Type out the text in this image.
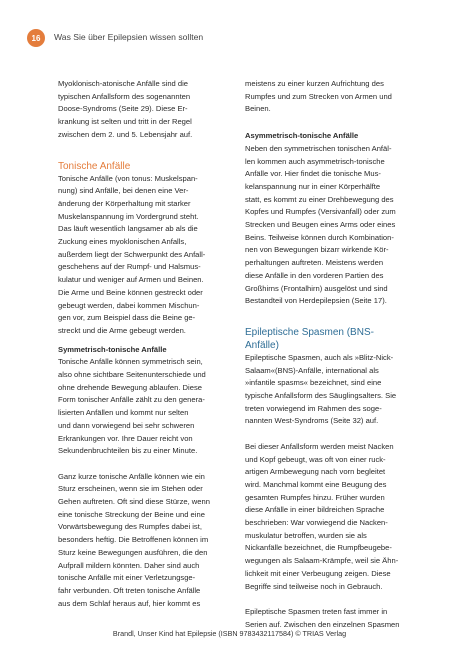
16	Was Sie über Epilepsien wissen sollten

Myoklonisch-atonische Anfälle sind die
typischen Anfallsform des sogenannten
Doose-Syndroms (Seite 29). Diese Er-
krankung ist selten und tritt in der Regel
zwischen dem 2. und 5. Lebensjahr auf.

Tonische Anfälle

Tonische Anfälle (von tonus: Muskelspan-
nung) sind Anfälle, bei denen eine Ver-
änderung der Körperhaltung mit starker
Muskelanspannung im Vordergrund steht.
Das läuft wesentlich langsamer ab als die
Zuckung eines myoklonischen Anfalls,
außerdem liegt der Schwerpunkt des Anfall-
geschehens auf der Rumpf- und Halsmus-
kulatur und weniger auf Armen und Beinen.
Die Arme und Beine können gestreckt oder
gebeugt werden, dabei kommen Mischun-
gen vor, zum Beispiel dass die Beine ge-
streckt und die Arme gebeugt werden.

Symmetrisch-tonische Anfälle

Tonische Anfälle können symmetrisch sein,
also ohne sichtbare Seitenunterschiede und
ohne drehende Bewegung ablaufen. Diese
Form tonischer Anfälle zählt zu den genera-
lisierten Anfällen und kommt nur selten
und dann vorwiegend bei sehr schweren
Erkrankungen vor. Ihre Dauer reicht von
Sekundenbruchteilen bis zu einer Minute.

Ganz kurze tonische Anfälle können wie ein
Sturz erscheinen, wenn sie im Stehen oder
Gehen auftreten. Oft sind diese Stürze, wenn
eine tonische Streckung der Beine und eine
Vorwärtsbewegung des Rumpfes dabei ist,
besonders heftig. Die Betroffenen können im
Sturz keine Bewegungen ausführen, die den
Aufprall mildern könnten. Daher sind auch
tonische Anfälle mit einer Verletzungsge-
fahr verbunden. Oft treten tonische Anfälle
aus dem Schlaf heraus auf, hier kommt es

meistens zu einer kurzen Aufrichtung des
Rumpfes und zum Strecken von Armen und
Beinen.

Asymmetrisch-tonische Anfälle

Neben den symmetrischen tonischen Anfäl-
len kommen auch asymmetrisch-tonische
Anfälle vor. Hier findet die tonische Mus-
kelanspannung nur in einer Körperhälfte
statt, es kommt zu einer Drehbewegung des
Kopfes und Rumpfes (Versivanfall) oder zum
Strecken und Beugen eines Arms oder eines
Beins. Teilweise können durch Kombination-
nen von Bewegungen bizarr wirkende Kör-
perhaltungen auftreten. Meistens werden
diese Anfälle in den vorderen Partien des
Großhirns (Frontalhirn) ausgelöst und sind
Bestandteil von Herdepilepsien (Seite 17).

Epileptische Spasmen (BNS-Anfälle)

Epileptische Spasmen, auch als »Blitz-Nick-
Salaam«(BNS)-Anfälle, international als
»infantile spasms« bezeichnet, sind eine
typische Anfallsform des Säuglingsalters. Sie
treten vorwiegend im Rahmen des soge-
nannten West-Syndroms (Seite 32) auf.

Bei dieser Anfallsform werden meist Nacken
und Kopf gebeugt, was oft von einer ruck-
artigen Armbewegung nach vorn begleitet
wird. Manchmal kommt eine Beugung des
gesamten Rumpfes hinzu. Früher wurden
diese Anfälle in einer bildreichen Sprache
beschrieben: War vorwiegend die Nacken-
muskulatur betroffen, wurden sie als
Nickanfälle bezeichnet, die Rumpfbeugebe-
wegungen als Salaam-Krämpfe, weil sie Ähn-
lichkeit mit einer Verbeugung zeigen. Diese
Begriffe sind teilweise noch in Gebrauch.

Epileptische Spasmen treten fast immer in
Serien auf. Zwischen den einzelnen Spasmen

Brandl, Unser Kind hat Epilepsie (ISBN 9783432117584) © TRIAS Verlag
